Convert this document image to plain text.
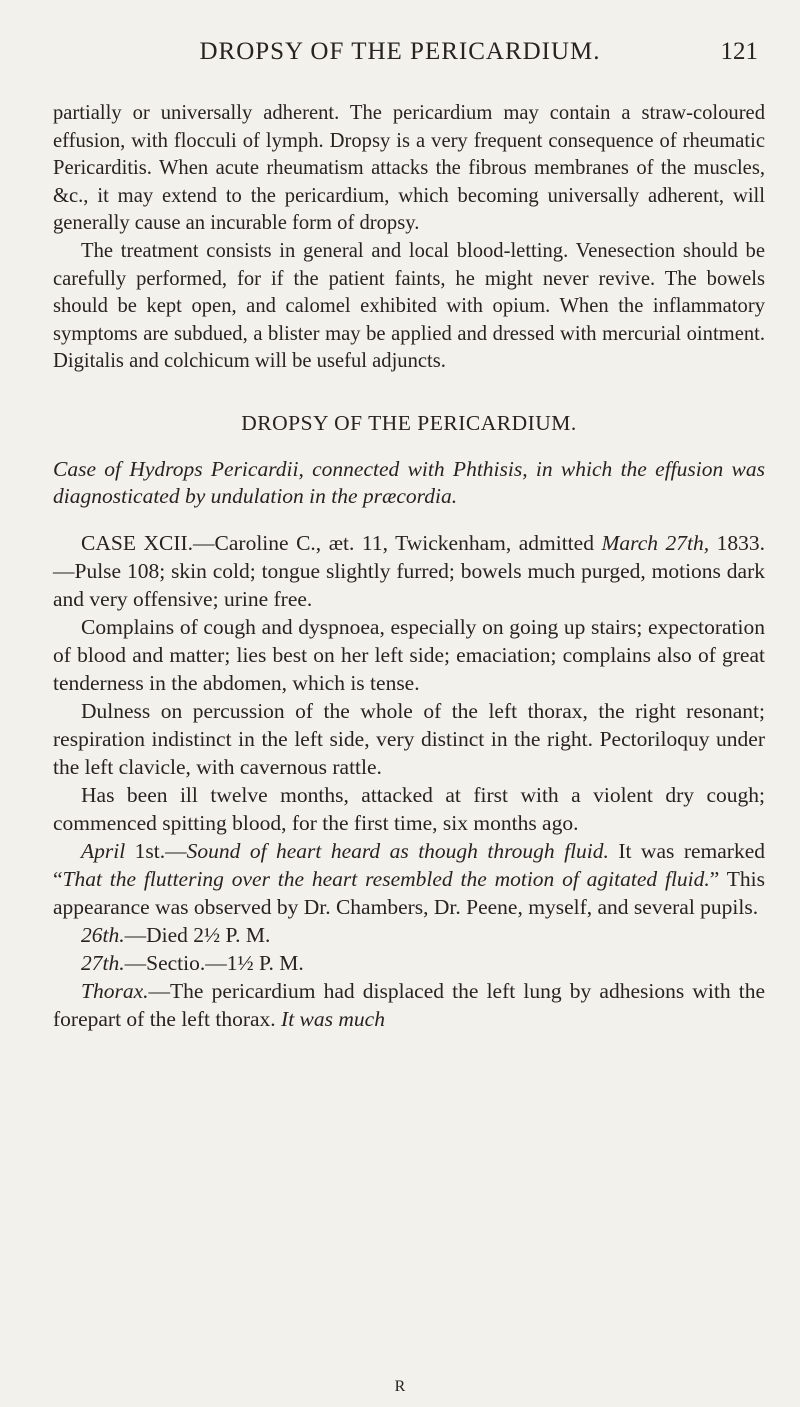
DROPSY OF THE PERICARDIUM.	121

partially or universally adherent. The pericardium may contain a straw-coloured effusion, with flocculi of lymph. Dropsy is a very frequent consequence of rheumatic Pericarditis. When acute rheumatism attacks the fibrous membranes of the muscles, &c., it may extend to the pericardium, which becoming universally adherent, will generally cause an incurable form of dropsy.

The treatment consists in general and local blood-letting. Venesection should be carefully performed, for if the patient faints, he might never revive. The bowels should be kept open, and calomel exhibited with opium. When the inflammatory symptoms are subdued, a blister may be applied and dressed with mercurial ointment. Digitalis and colchicum will be useful adjuncts.

DROPSY OF THE PERICARDIUM.

Case of Hydrops Pericardii, connected with Phthisis, in which the effusion was diagnosticated by undulation in the præcordia.

CASE XCII.—Caroline C., æt. 11, Twickenham, admitted March 27th, 1833.—Pulse 108; skin cold; tongue slightly furred; bowels much purged, motions dark and very offensive; urine free.

Complains of cough and dyspnoea, especially on going up stairs; expectoration of blood and matter; lies best on her left side; emaciation; complains also of great tenderness in the abdomen, which is tense.

Dulness on percussion of the whole of the left thorax, the right resonant; respiration indistinct in the left side, very distinct in the right. Pectoriloquy under the left clavicle, with cavernous rattle.

Has been ill twelve months, attacked at first with a violent dry cough; commenced spitting blood, for the first time, six months ago.

April 1st.—Sound of heart heard as though through fluid. It was remarked “That the fluttering over the heart resembled the motion of agitated fluid.” This appearance was observed by Dr. Chambers, Dr. Peene, myself, and several pupils.

26th.—Died 2½ P. M.

27th.—Sectio.—1½ P. M.

Thorax.—The pericardium had displaced the left lung by adhesions with the forepart of the left thorax. It was much

R
